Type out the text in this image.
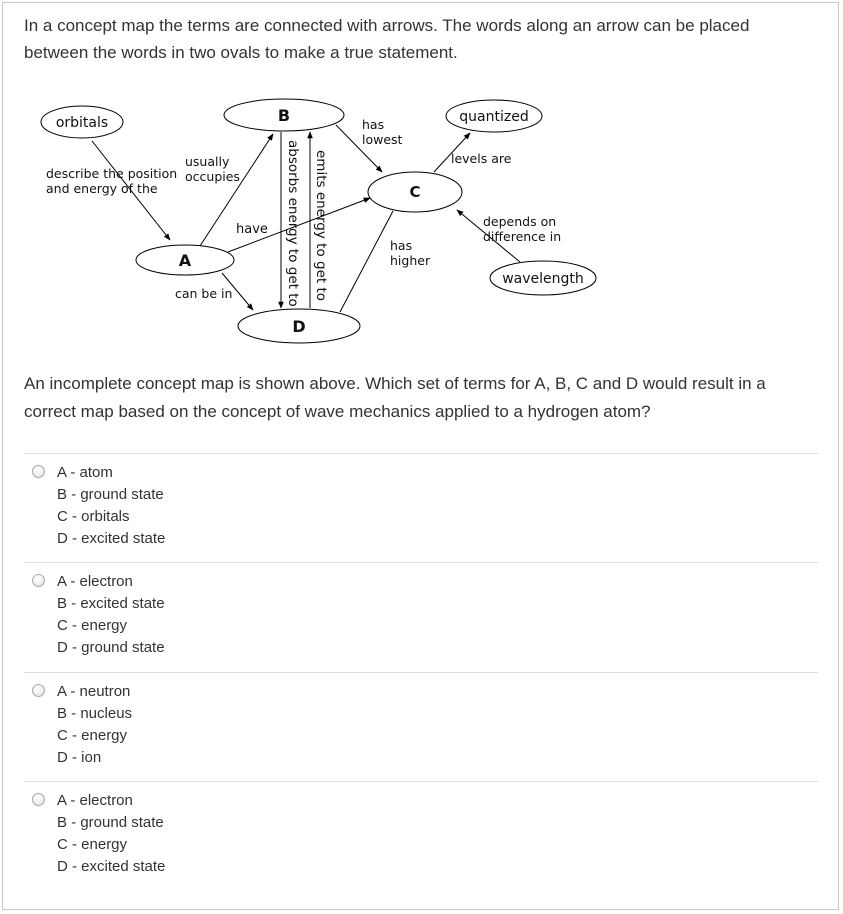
In a concept map the terms are connected with arrows. The words along an arrow can be placed between the words in two ovals to make a true statement.
orbitals	B	quantized
C
A
D
wavelength
describe the position
and energy of the
usually
occupies
have
can be in
has
lowest
levels are
has
higher
depends on
difference in
absorbs energy to get to emits energy to get to
An incomplete concept map is shown above. Which set of terms for A, B, C and D would result in a correct map based on the concept of wave mechanics applied to a hydrogen atom?
A - atom
B - ground state
C - orbitals
D - excited state
A - electron
B - excited state
C - energy
D - ground state
A - neutron
B - nucleus
C - energy
D - ion
A - electron
B - ground state
C - energy
D - excited state
